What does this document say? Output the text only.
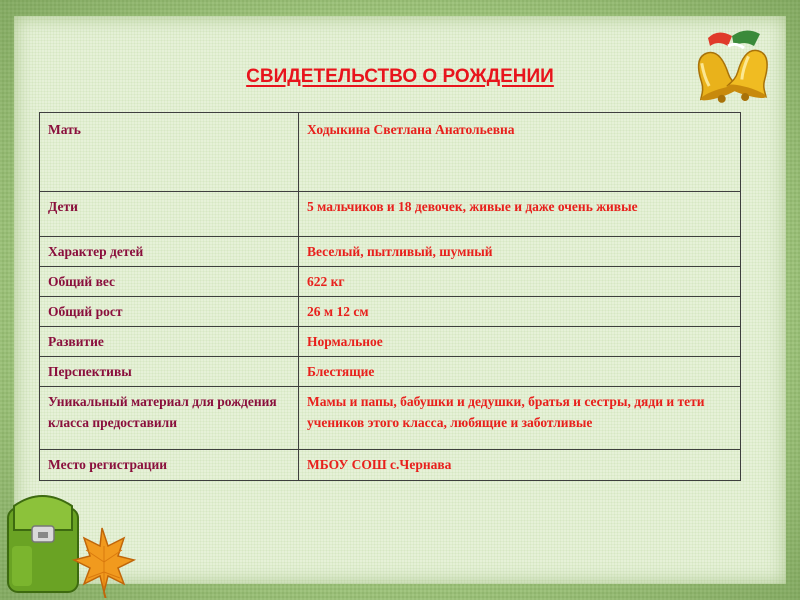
СВИДЕТЕЛЬСТВО О РОЖДЕНИИ
Мать	Ходыкина Светлана Анатольевна
Дети	5 мальчиков и 18 девочек, живые и даже очень живые
Характер детей	Веселый, пытливый, шумный
Общий вес	622 кг
Общий рост	26 м 12 см
Развитие	Нормальное
Перспективы	Блестящие
Уникальный материал для рождения класса предоставили	Мамы и папы, бабушки и дедушки, братья и сестры, дяди и тети учеников этого класса, любящие и заботливые
Место регистрации	МБОУ СОШ с.Чернава
